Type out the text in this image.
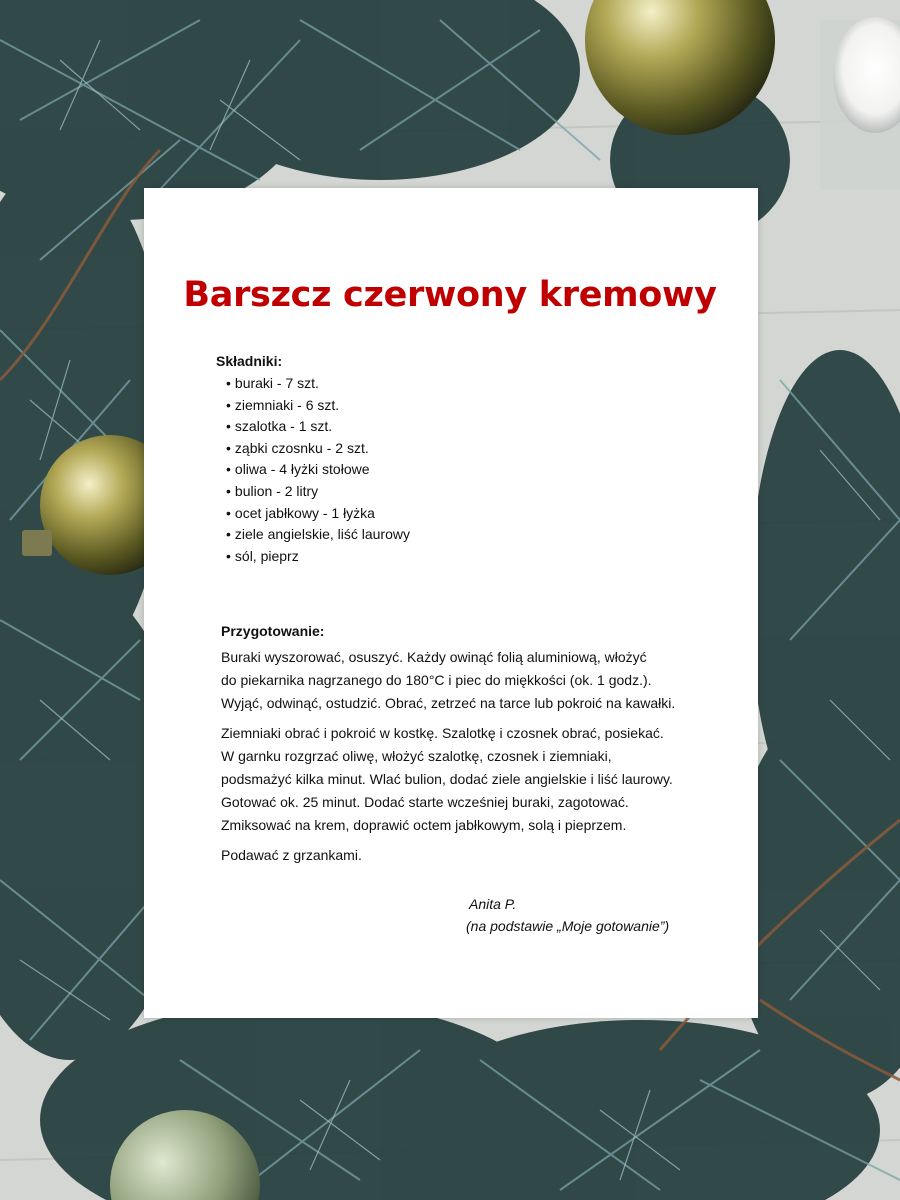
Barszcz czerwony kremowy
Składniki:
• buraki - 7 szt.
• ziemniaki - 6 szt.
• szalotka - 1 szt.
• ząbki czosnku - 2 szt.
• oliwa - 4 łyżki stołowe
• bulion - 2 litry
• ocet jabłkowy - 1 łyżka
• ziele angielskie, liść laurowy
• sól, pieprz
Przygotowanie:

Buraki wyszorować, osuszyć. Każdy owinąć folią aluminiową, włożyć
do piekarnika nagrzanego do 180°C i piec do miękkości (ok. 1 godz.).
Wyjąć, odwinąć, ostudzić. Obrać, zetrzeć na tarce lub pokroić na kawałki.

Ziemniaki obrać i pokroić w kostkę. Szalotkę i czosnek obrać, posiekać.
W garnku rozgrzać oliwę, włożyć szalotkę, czosnek i ziemniaki,
podsmażyć kilka minut. Wlać bulion, dodać ziele angielskie i liść laurowy.
Gotować ok. 25 minut. Dodać starte wcześniej buraki, zagotować.
Zmiksować na krem, doprawić octem jabłkowym, solą i pieprzem.

Podawać z grzankami.

Anita P.
(na podstawie „Moje gotowanie”)
